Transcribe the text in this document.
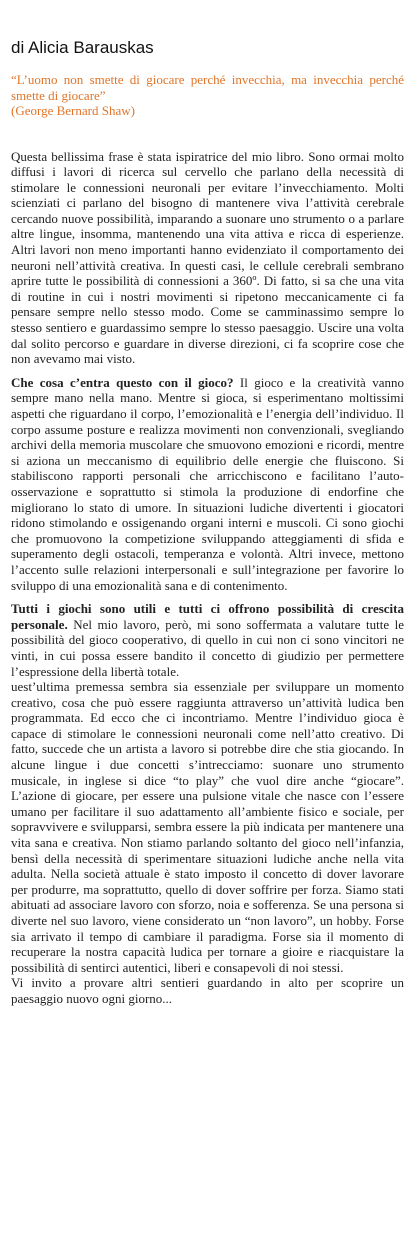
di Alicia Barauskas

“L’uomo non smette di giocare perché invecchia, ma invecchia perché smette di giocare”

(George Bernard Shaw)

Questa bellissima frase è stata ispiratrice del mio libro. Sono ormai molto diffusi i lavori di ricerca sul cervello che parlano della necessità di stimolare le connessioni neuronali per evitare l’invecchiamento. Molti scienziati ci parlano del bisogno di mantenere viva l’attività cerebrale cercando nuove possibilità, imparando a suonare uno strumento o a parlare altre lingue, insomma, mantenendo una vita attiva e ricca di esperienze. Altri lavori non meno importanti hanno evidenziato il comportamento dei neuroni nell’attività creativa. In questi casi, le cellule cerebrali sembrano aprire tutte le possibilità di connessioni a 360º. Di fatto, si sa che una vita di routine in cui i nostri movimenti si ripetono meccanicamente ci fa pensare sempre nello stesso modo. Come se camminassimo sempre lo stesso sentiero e guardassimo sempre lo stesso paesaggio. Uscire una volta dal solito percorso e guardare in diverse direzioni, ci fa scoprire cose che non avevamo mai visto.

Che cosa c’entra questo con il gioco? Il gioco e la creatività vanno sempre mano nella mano. Mentre si gioca, si esperimentano moltissimi aspetti che riguardano il corpo, l’emozionalità e l’energia dell’individuo. Il corpo assume posture e realizza movimenti non convenzionali, svegliando archivi della memoria muscolare che smuovono emozioni e ricordi, mentre si aziona un meccanismo di equilibrio delle energie che fluiscono. Si stabiliscono rapporti personali che arricchiscono e facilitano l’auto-osservazione e soprattutto si stimola la produzione di endorfine che migliorano lo stato di umore. In situazioni ludiche divertenti i giocatori ridono stimolando e ossigenando organi interni e muscoli. Ci sono giochi che promuovono la competizione sviluppando atteggiamenti di sfida e superamento degli ostacoli, temperanza e volontà. Altri invece, mettono l’accento sulle relazioni interpersonali e sull’integrazione per favorire lo sviluppo di una emozionalità sana e di contenimento.

Tutti i giochi sono utili e tutti ci offrono possibilità di crescita personale. Nel mio lavoro, però, mi sono soffermata a valutare tutte le possibilità del gioco cooperativo, di quello in cui non ci sono vincitori ne vinti, in cui possa essere bandito il concetto di giudizio per permettere l’espressione della libertà totale.

uest’ultima premessa sembra sia essenziale per sviluppare un momento creativo, cosa che può essere raggiunta attraverso un’attività ludica ben programmata. Ed ecco che ci incontriamo. Mentre l’individuo gioca è capace di stimolare le connessioni neuronali come nell’atto creativo. Di fatto, succede che un artista a lavoro si potrebbe dire che stia giocando. In alcune lingue i due concetti s’intrecciamo: suonare uno strumento musicale, in inglese si dice “to play” che vuol dire anche “giocare”. L’azione di giocare, per essere una pulsione vitale che nasce con l’essere umano per facilitare il suo adattamento all’ambiente fisico e sociale, per sopravvivere e svilupparsi, sembra essere la più indicata per mantenere una vita sana e creativa. Non stiamo parlando soltanto del gioco nell’infanzia, bensì della necessità di sperimentare situazioni ludiche anche nella vita adulta. Nella società attuale è stato imposto il concetto di dover lavorare per produrre, ma soprattutto, quello di dover soffrire per forza. Siamo stati abituati ad associare lavoro con sforzo, noia e sofferenza. Se una persona si diverte nel suo lavoro, viene considerato un “non lavoro”, un hobby. Forse sia arrivato il tempo di cambiare il paradigma. Forse sia il momento di recuperare la nostra capacità ludica per tornare a gioire e riacquistare la possibilità di sentirci autentici, liberi e consapevoli di noi stessi.

Vi invito a provare altri sentieri guardando in alto per scoprire un paesaggio nuovo ogni giorno...
